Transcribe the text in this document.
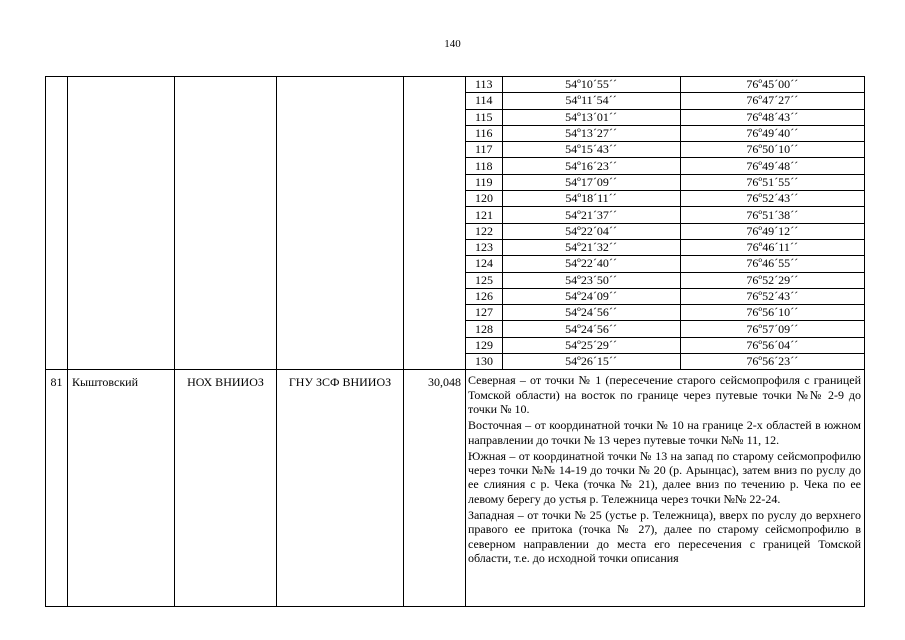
140

113	54º10´55´´	76º45´00´´
114	54º11´54´´	76º47´27´´
115	54º13´01´´	76º48´43´´
116	54º13´27´´	76º49´40´´
117	54º15´43´´	76º50´10´´
118	54º16´23´´	76º49´48´´
119	54º17´09´´	76º51´55´´
120	54º18´11´´	76º52´43´´
121	54º21´37´´	76º51´38´´
122	54º22´04´´	76º49´12´´
123	54º21´32´´	76º46´11´´
124	54º22´40´´	76º46´55´´
125	54º23´50´´	76º52´29´´
126	54º24´09´´	76º52´43´´
127	54º24´56´´	76º56´10´´
128	54º24´56´´	76º57´09´´
129	54º25´29´´	76º56´04´´
130	54º26´15´´	76º56´23´´

81	Кыштовский	НОХ ВНИИОЗ	ГНУ ЗСФ ВНИИОЗ	30,048	Северная – от точки № 1 (пересечение старого сейсмопрофиля с границей Томской области) на восток по границе через путевые точки №№ 2-9 до точки № 10.

Восточная – от координатной точки № 10 на границе 2-х областей в южном направлении до точки № 13 через путевые точки №№ 11, 12.

Южная – от координатной точки № 13 на запад по старому сейсмопрофилю через точки №№ 14-19 до точки № 20 (р. Арынцас), затем вниз по руслу до ее слияния с р. Чека (точка № 21), далее вниз по течению р. Чека по ее левому берегу до устья р. Тележница через точки №№ 22-24.

Западная – от точки № 25 (устье р. Тележница), вверх по руслу до верхнего правого ее притока (точка № 27), далее по старому сейсмопрофилю в северном направлении до места его пересечения с границей Томской области, т.е. до исходной точки описания
